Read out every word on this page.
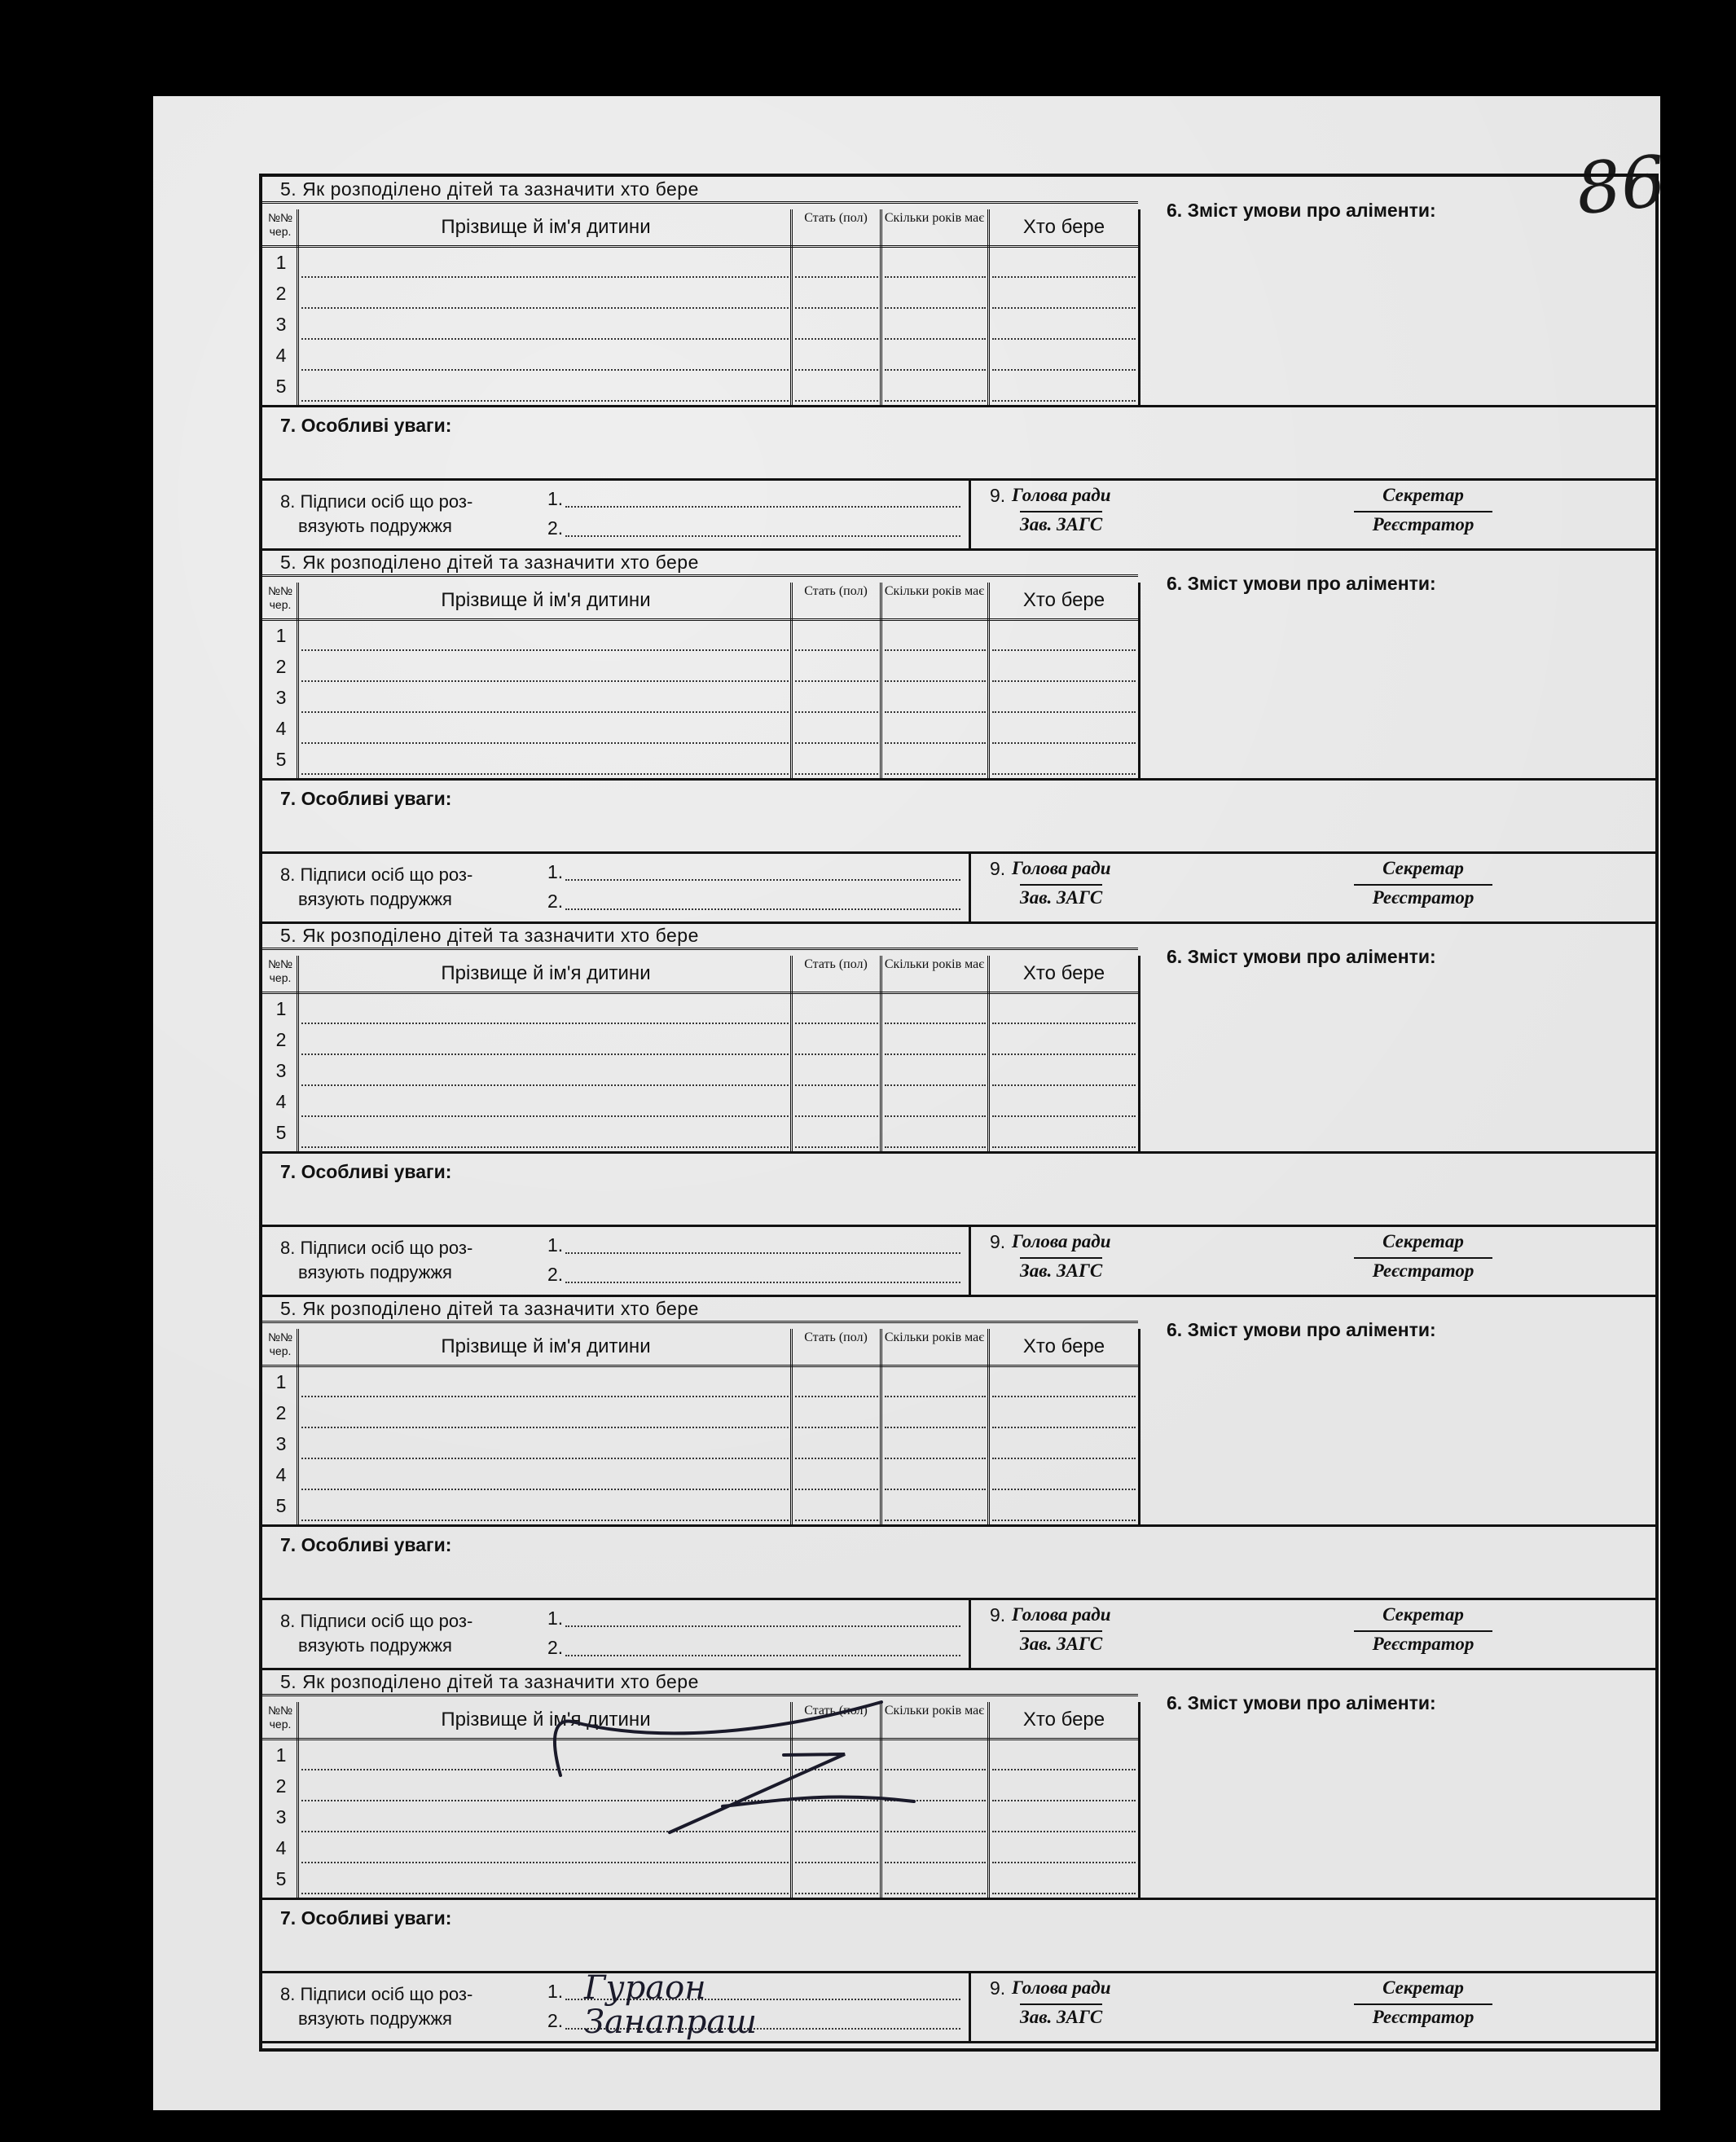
86
5. Як розподілено дітей та зазначити хто бере
№№ чер.	Прізвище й ім'я дитини	Стать (пол)	Скільки років має	Хто бере
1
2
3
4
5
6. Зміст умови про аліменти:
7. Особливі уваги:
8. Підписи осіб що роз-
вязують подружжя
1.
2.
9. Голова ради
Зав. ЗАГС
Секретар
Реєстратор
5. Як розподілено дітей та зазначити хто бере
№№ чер.	Прізвище й ім'я дитини	Стать (пол)	Скільки років має	Хто бере
1
2
3
4
5
6. Зміст умови про аліменти:
7. Особливі уваги:
8. Підписи осіб що роз-
вязують подружжя
1.
2.
9. Голова ради
Зав. ЗАГС
Секретар
Реєстратор
5. Як розподілено дітей та зазначити хто бере
№№ чер.	Прізвище й ім'я дитини	Стать (пол)	Скільки років має	Хто бере
1
2
3
4
5
6. Зміст умови про аліменти:
7. Особливі уваги:
8. Підписи осіб що роз-
вязують подружжя
1.
2.
9. Голова ради
Зав. ЗАГС
Секретар
Реєстратор
5. Як розподілено дітей та зазначити хто бере
№№ чер.	Прізвище й ім'я дитини	Стать (пол)	Скільки років має	Хто бере
1
2
3
4
5
6. Зміст умови про аліменти:
7. Особливі уваги:
8. Підписи осіб що роз-
вязують подружжя
1.
2.
9. Голова ради
Зав. ЗАГС
Секретар
Реєстратор
5. Як розподілено дітей та зазначити хто бере
№№ чер.	Прізвище й ім'я дитини	Стать (пол)	Скільки років має	Хто бере
1
2
3
4
5
6. Зміст умови про аліменти:
7. Особливі уваги:
8. Підписи осіб що роз-
вязують подружжя
1.
2.
Гураон
Занапраш
9. Голова ради
Зав. ЗАГС
Секретар
Реєстратор
